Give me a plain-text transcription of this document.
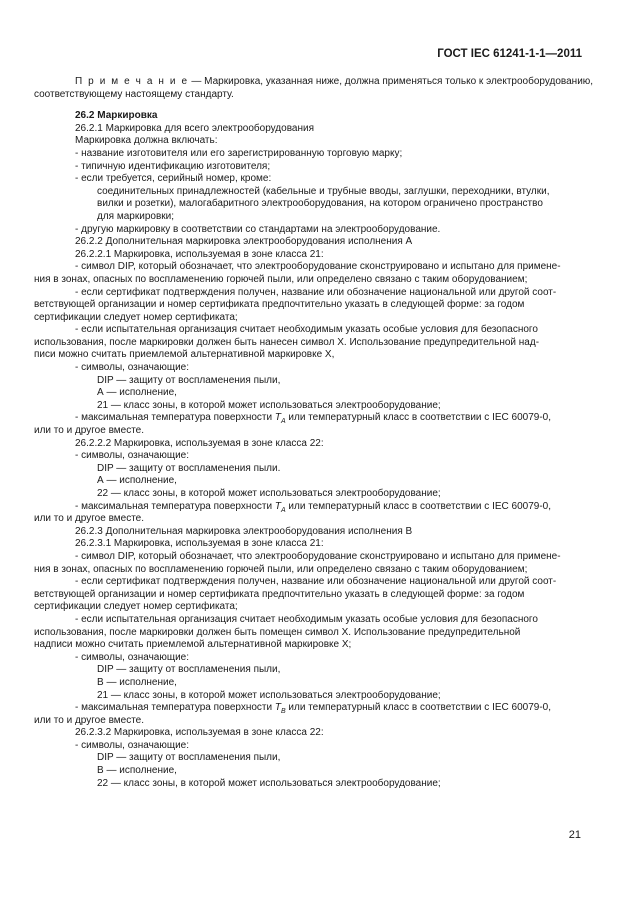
ГОСТ IEC 61241-1-1—2011
П р и м е ч а н и е — Маркировка, указанная ниже, должна применяться только к электрооборудованию,
соответствующему настоящему стандарту.
26.2 Маркировка
26.2.1 Маркировка для всего электрооборудования
Маркировка должна включать:
- название изготовителя или его зарегистрированную торговую марку;
- типичную идентификацию изготовителя;
- если требуется, серийный номер, кроме:
соединительных принадлежностей (кабельные и трубные вводы, заглушки, переходники, втулки,
вилки и розетки), малогабаритного электрооборудования, на котором ограничено пространство
для маркировки;
- другую маркировку в соответствии со стандартами на электрооборудование.
26.2.2 Дополнительная маркировка электрооборудования исполнения А
26.2.2.1 Маркировка, используемая в зоне класса 21:
- символ DIP, который обозначает, что электрооборудование сконструировано и испытано для примене-
ния в зонах, опасных по воспламенению горючей пыли, или определено связано с таким оборудованием;
- если сертификат подтверждения получен, название или обозначение национальной или другой соот-
ветствующей организации и номер сертификата предпочтительно указать в следующей форме: за годом
сертификации следует номер сертификата;
- если испытательная организация считает необходимым указать особые условия для безопасного
использования, после маркировки должен быть нанесен символ X. Использование предупредительной над-
писи можно считать приемлемой альтернативной маркировке X,
- символы, означающие:
DIP — защиту от воспламенения пыли,
А — исполнение,
21 — класс зоны, в которой может использоваться электрооборудование;
- максимальная температура поверхности $T_A$ или температурный класс в соответствии с IEC 60079-0,
или то и другое вместе.
26.2.2.2 Маркировка, используемая в зоне класса 22:
- символы, означающие:
DIP — защиту от воспламенения пыли.
А — исполнение,
22 — класс зоны, в которой может использоваться электрооборудование;
- максимальная температура поверхности $T_A$ или температурный класс в соответствии с IEC 60079-0,
или то и другое вместе.
26.2.3 Дополнительная маркировка электрооборудования исполнения В
26.2.3.1 Маркировка, используемая в зоне класса 21:
- символ DIP, который обозначает, что электрооборудование сконструировано и испытано для примене-
ния в зонах, опасных по воспламенению горючей пыли, или определено связано с таким оборудованием;
- если сертификат подтверждения получен, название или обозначение национальной или другой соот-
ветствующей организации и номер сертификата предпочтительно указать в следующей форме: за годом
сертификации следует номер сертификата;
- если испытательная организация считает необходимым указать особые условия для безопасного
использования, после маркировки должен быть помещен символ X. Использование предупредительной
надписи можно считать приемлемой альтернативной маркировке X;
- символы, означающие:
DIP — защиту от воспламенения пыли,
В — исполнение,
21 — класс зоны, в которой может использоваться электрооборудование;
- максимальная температура поверхности $T_B$ или температурный класс в соответствии с IEC 60079-0,
или то и другое вместе.
26.2.3.2 Маркировка, используемая в зоне класса 22:
- символы, означающие:
DIP — защиту от воспламенения пыли,
В — исполнение,
22 — класс зоны, в которой может использоваться электрооборудование;
21
